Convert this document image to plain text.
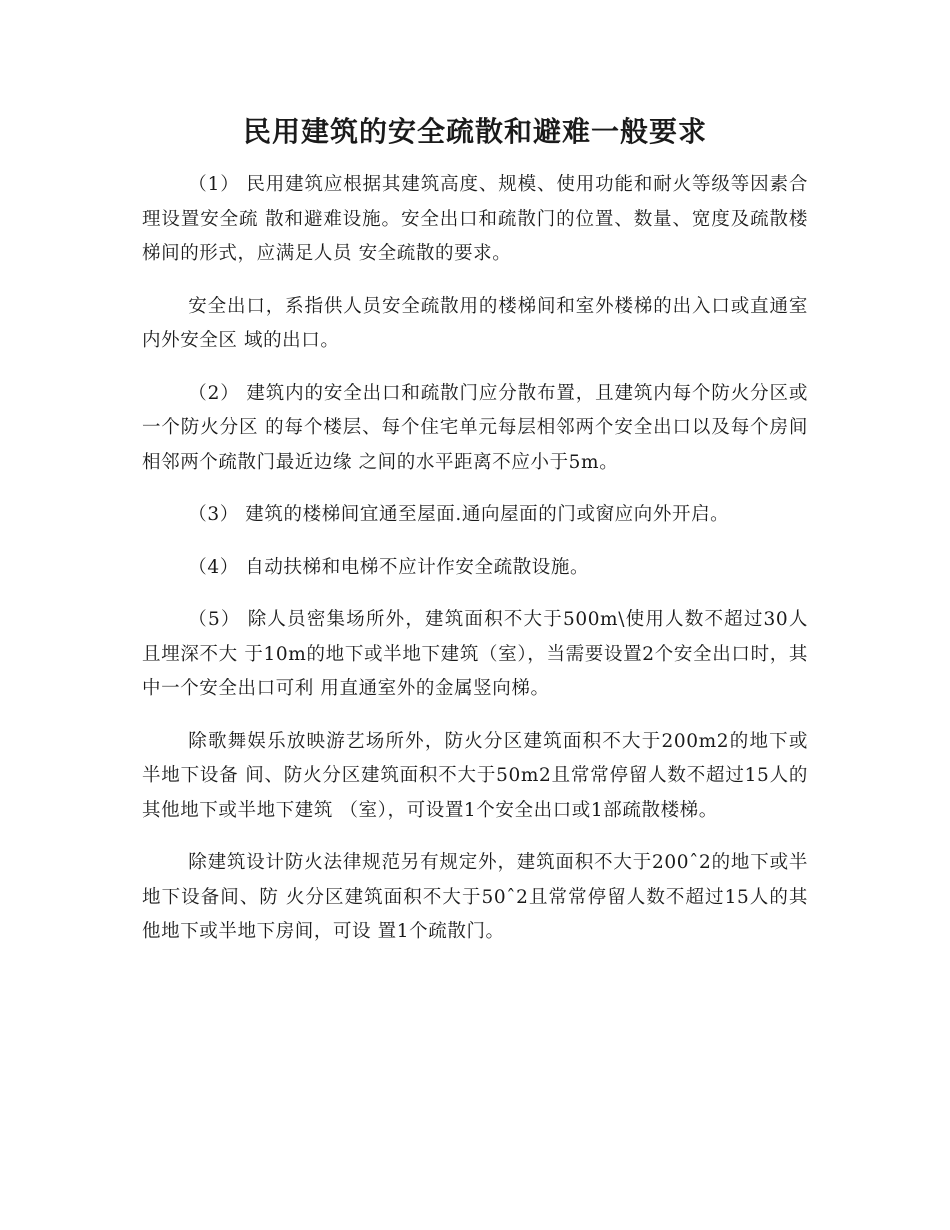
民用建筑的安全疏散和避难一般要求

（1） 民用建筑应根据其建筑高度、规模、使用功能和耐火等级等因素合理设置安全疏 散和避难设施。安全出口和疏散门的位置、数量、宽度及疏散楼梯间的形式，应满足人员 安全疏散的要求。

安全出口，系指供人员安全疏散用的楼梯间和室外楼梯的出入口或直通室内外安全区 域的出口。

（2） 建筑内的安全出口和疏散门应分散布置，且建筑内每个防火分区或一个防火分区 的每个楼层、每个住宅单元每层相邻两个安全出口以及每个房间相邻两个疏散门最近边缘 之间的水平距离不应小于5m。

（3） 建筑的楼梯间宜通至屋面.通向屋面的门或窗应向外开启。

（4） 自动扶梯和电梯不应计作安全疏散设施。

（5） 除人员密集场所外，建筑面积不大于500m\使用人数不超过30人且埋深不大 于10m的地下或半地下建筑（室），当需要设置2个安全出口时，其中一个安全出口可利 用直通室外的金属竖向梯。

除歌舞娱乐放映游艺场所外，防火分区建筑面积不大于200m2的地下或半地下设备 间、防火分区建筑面积不大于50m2且常常停留人数不超过15人的其他地下或半地下建筑 （室），可设置1个安全出口或1部疏散楼梯。

除建筑设计防火法律规范另有规定外，建筑面积不大于200ˆ2的地下或半地下设备间、防 火分区建筑面积不大于50ˆ2且常常停留人数不超过15人的其他地下或半地下房间，可设 置1个疏散门。
